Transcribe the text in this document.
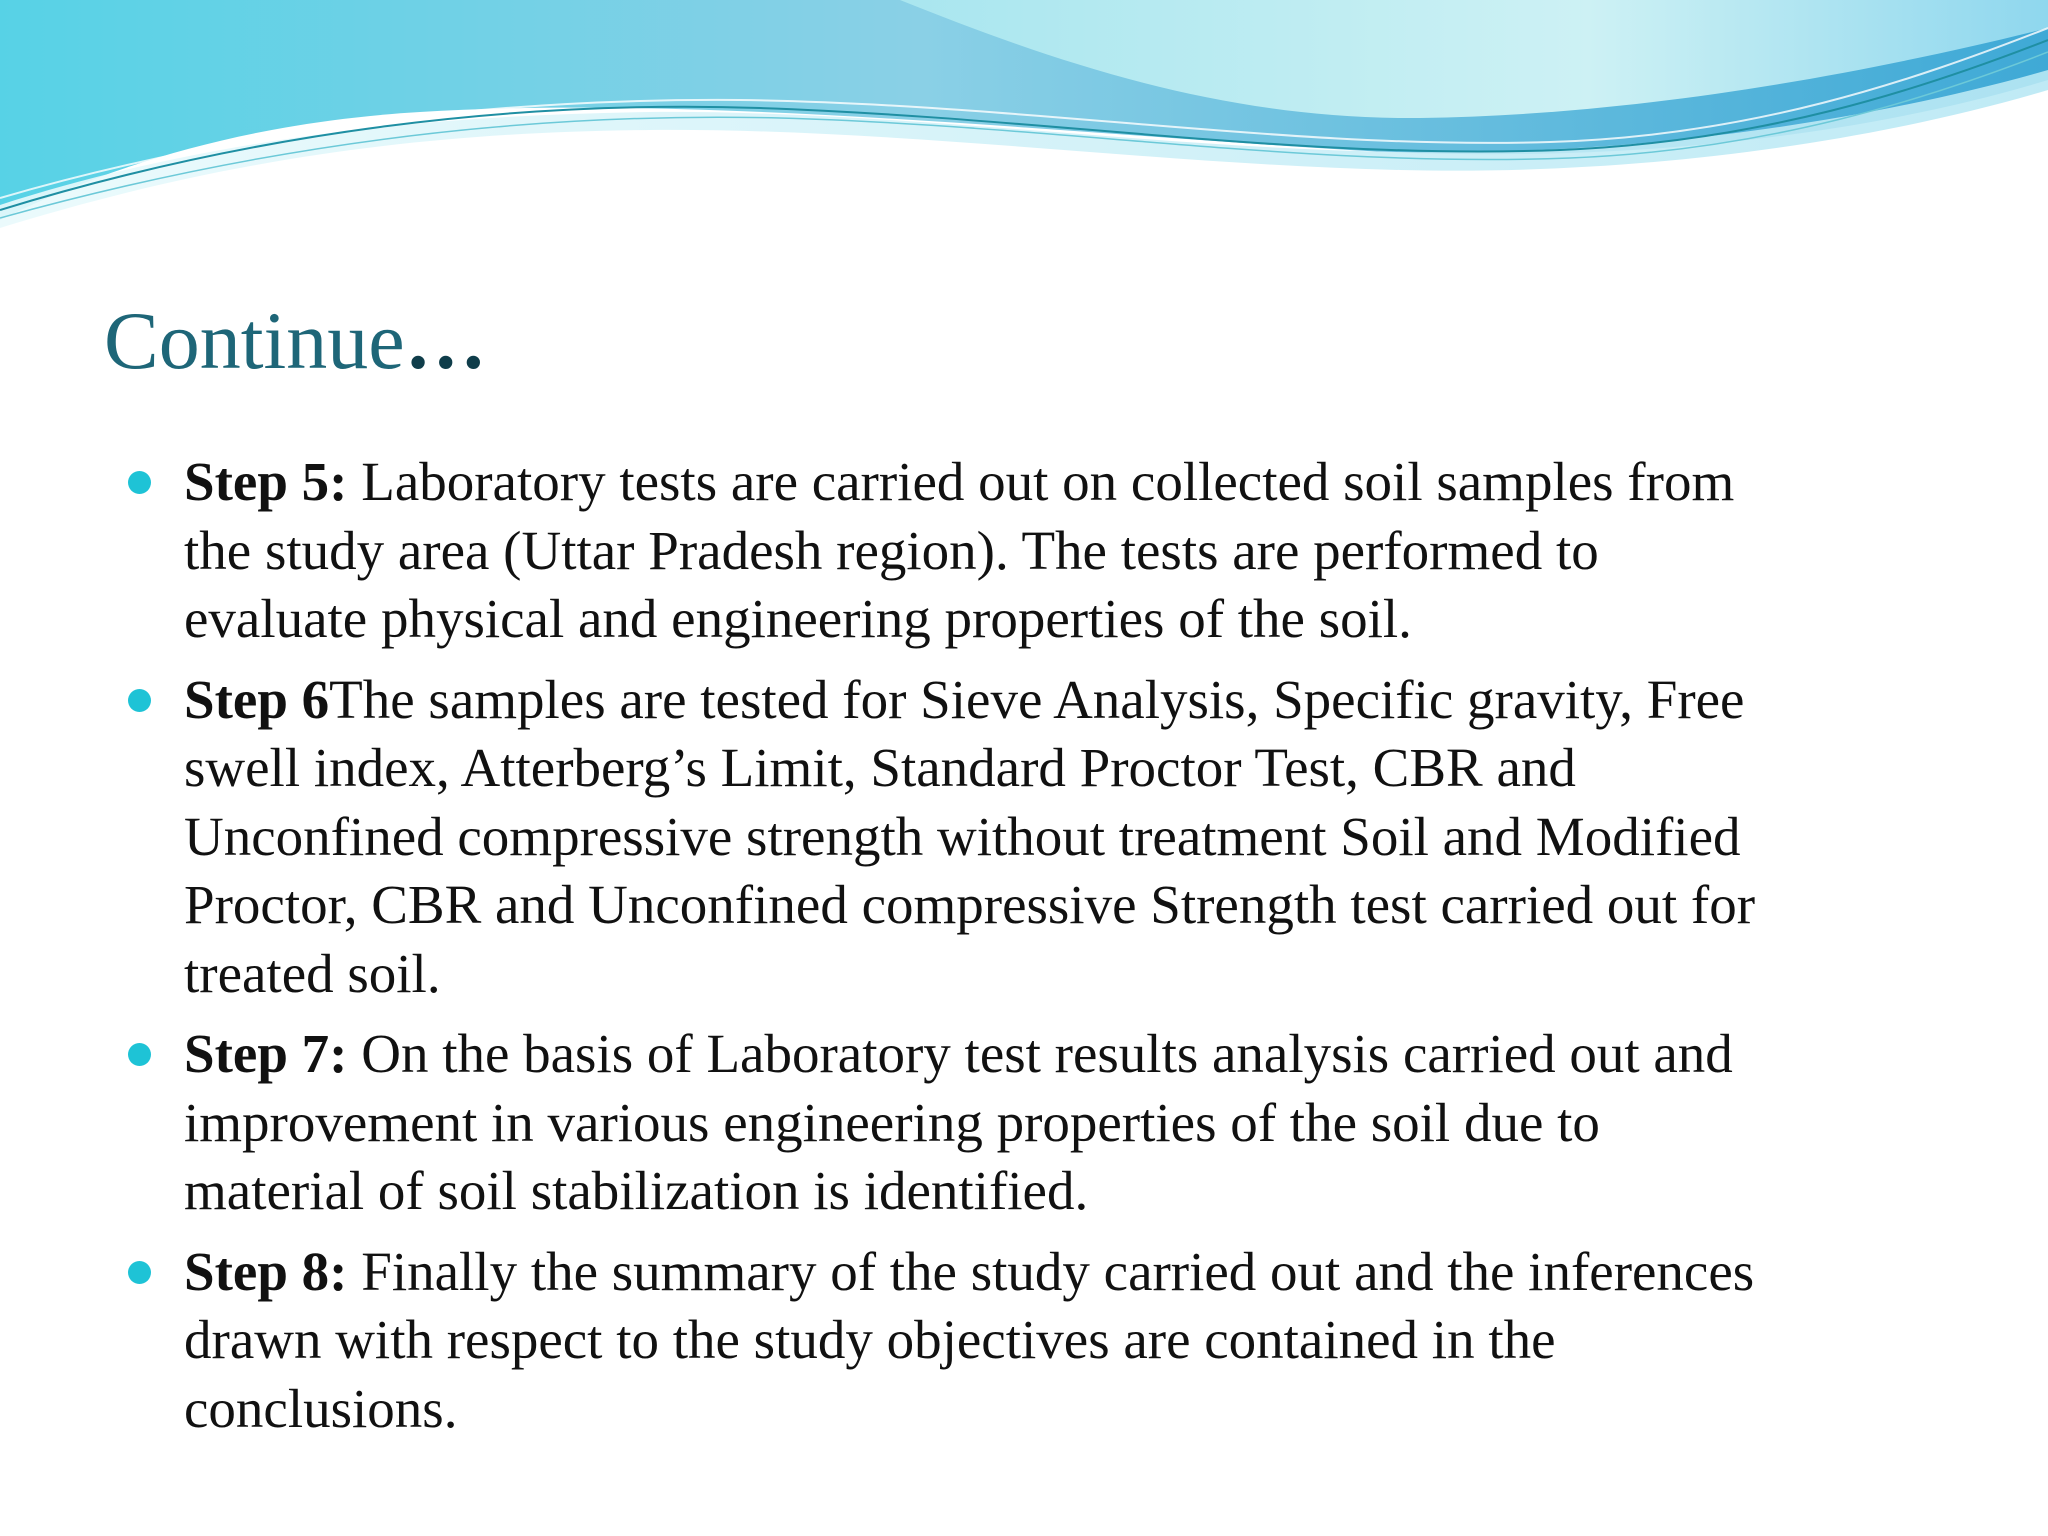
Continue…
Step 5: Laboratory tests are carried out on collected soil samples from
the study area (Uttar Pradesh region). The tests are performed to
evaluate physical and engineering properties of the soil.
Step 6The samples are tested for Sieve Analysis, Specific gravity, Free
swell index, Atterberg’s Limit, Standard Proctor Test, CBR and
Unconfined compressive strength without treatment Soil and Modified
Proctor, CBR and Unconfined compressive Strength test carried out for
treated soil.
Step 7: On the basis of Laboratory test results analysis carried out and
improvement in various engineering properties of the soil due to
material of soil stabilization is identified.
Step 8: Finally the summary of the study carried out and the inferences
drawn with respect to the study objectives are contained in the
conclusions.
